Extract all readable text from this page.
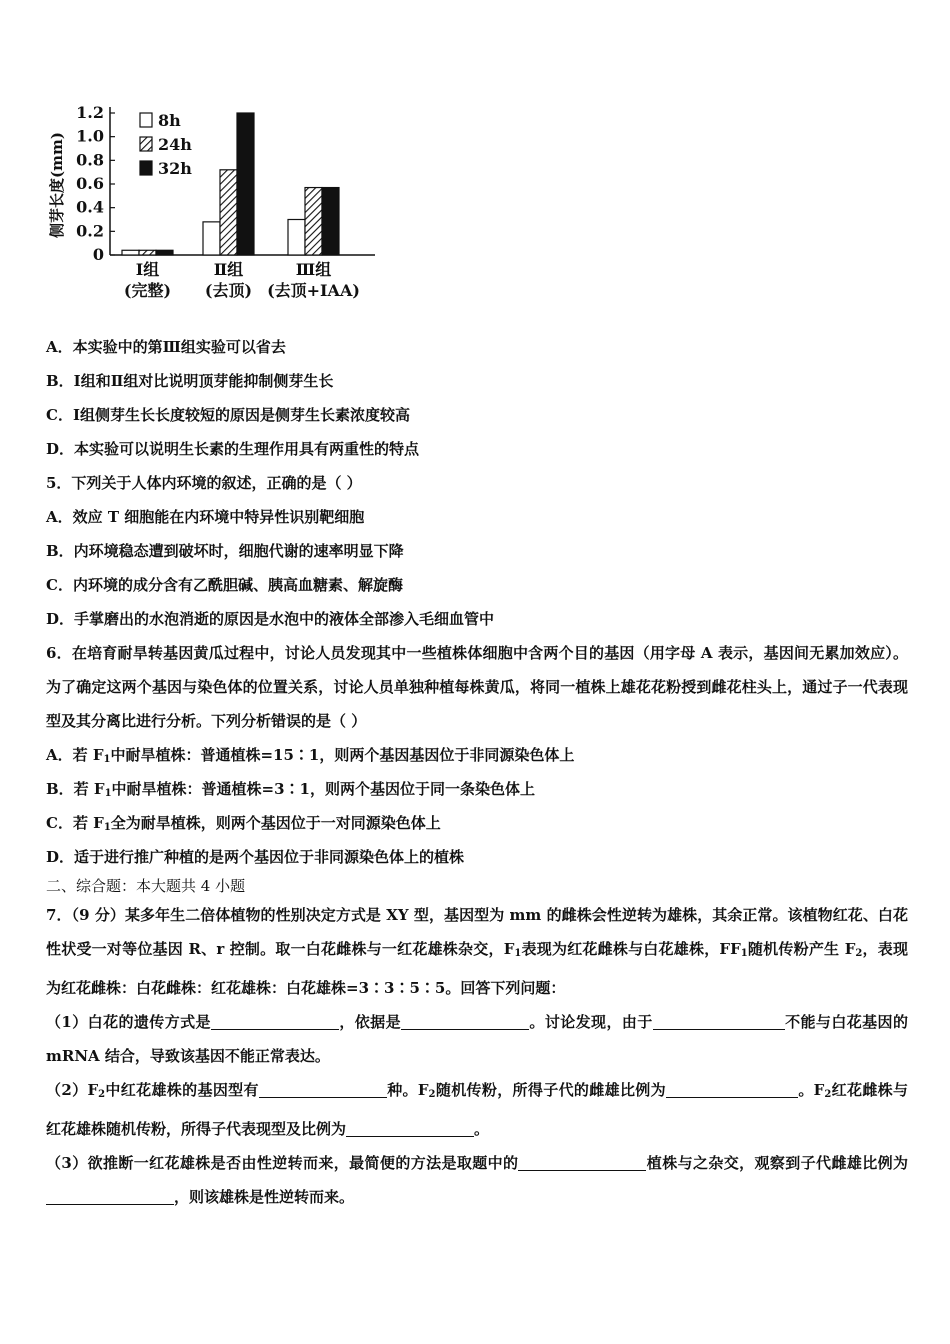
0
0.2
0.4
0.6
0.8
1.0
1.2
Ⅰ组
(完整)
Ⅱ组
(去顶)
Ⅲ组
(去顶+IAA)
8h
24h
32h
侧芽长度(mm)
A．本实验中的第Ⅲ组实验可以省去
B．Ⅰ组和Ⅱ组对比说明顶芽能抑制侧芽生长
C．Ⅰ组侧芽生长长度较短的原因是侧芽生长素浓度较高
D．本实验可以说明生长素的生理作用具有两重性的特点
5．下列关于人体内环境的叙述，正确的是（ ）
A．效应 T 细胞能在内环境中特异性识别靶细胞
B．内环境稳态遭到破坏时，细胞代谢的速率明显下降
C．内环境的成分含有乙酰胆碱、胰高血糖素、解旋酶
D．手掌磨出的水泡消逝的原因是水泡中的液体全部渗入毛细血管中
6．在培育耐旱转基因黄瓜过程中，讨论人员发现其中一些植株体细胞中含两个目的基因（用字母 A 表示，基因间无累加效应）。为了确定这两个基因与染色体的位置关系，讨论人员单独种植每株黄瓜，将同一植株上雄花花粉授到雌花柱头上，通过子一代表现型及其分离比进行分析。下列分析错误的是（ ）
A．若 $F_1$中耐旱植株：普通植株=15∶1，则两个基因基因位于非同源染色体上
B．若 $F_1$中耐旱植株：普通植株=3∶1，则两个基因位于同一条染色体上
C．若 $F_1$全为耐旱植株，则两个基因位于一对同源染色体上
D．适于进行推广种植的是两个基因位于非同源染色体上的植株
二、综合题：本大题共 4 小题
7．（9 分）某多年生二倍体植物的性别决定方式是 XY 型，基因型为 mm 的雌株会性逆转为雄株，其余正常。该植物红花、白花性状受一对等位基因 R、r 控制。取一白花雌株与一红花雄株杂交，$F_1$表现为红花雌株与白花雄株，$FF_1$随机传粉产生 $F_2$，表现为红花雌株：白花雌株：红花雄株：白花雄株=3∶3∶5∶5。回答下列问题：
（1）白花的遗传方式是	，依据是	。讨论发现，由于	不能与白花基因的 mRNA 结合，导致该基因不能正常表达。
$(2)F_2$中红花雄株的基因型有	种。$F_2$随机传粉，所得子代的雌雄比例为	。$F_2$红花雌株与红花雄株随机传粉，所得子代表现型及比例为	。
（3）欲推断一红花雄株是否由性逆转而来，最简便的方法是取题中的	植株与之杂交，观察到子代雌雄比例为，则该雄株是性逆转而来。
